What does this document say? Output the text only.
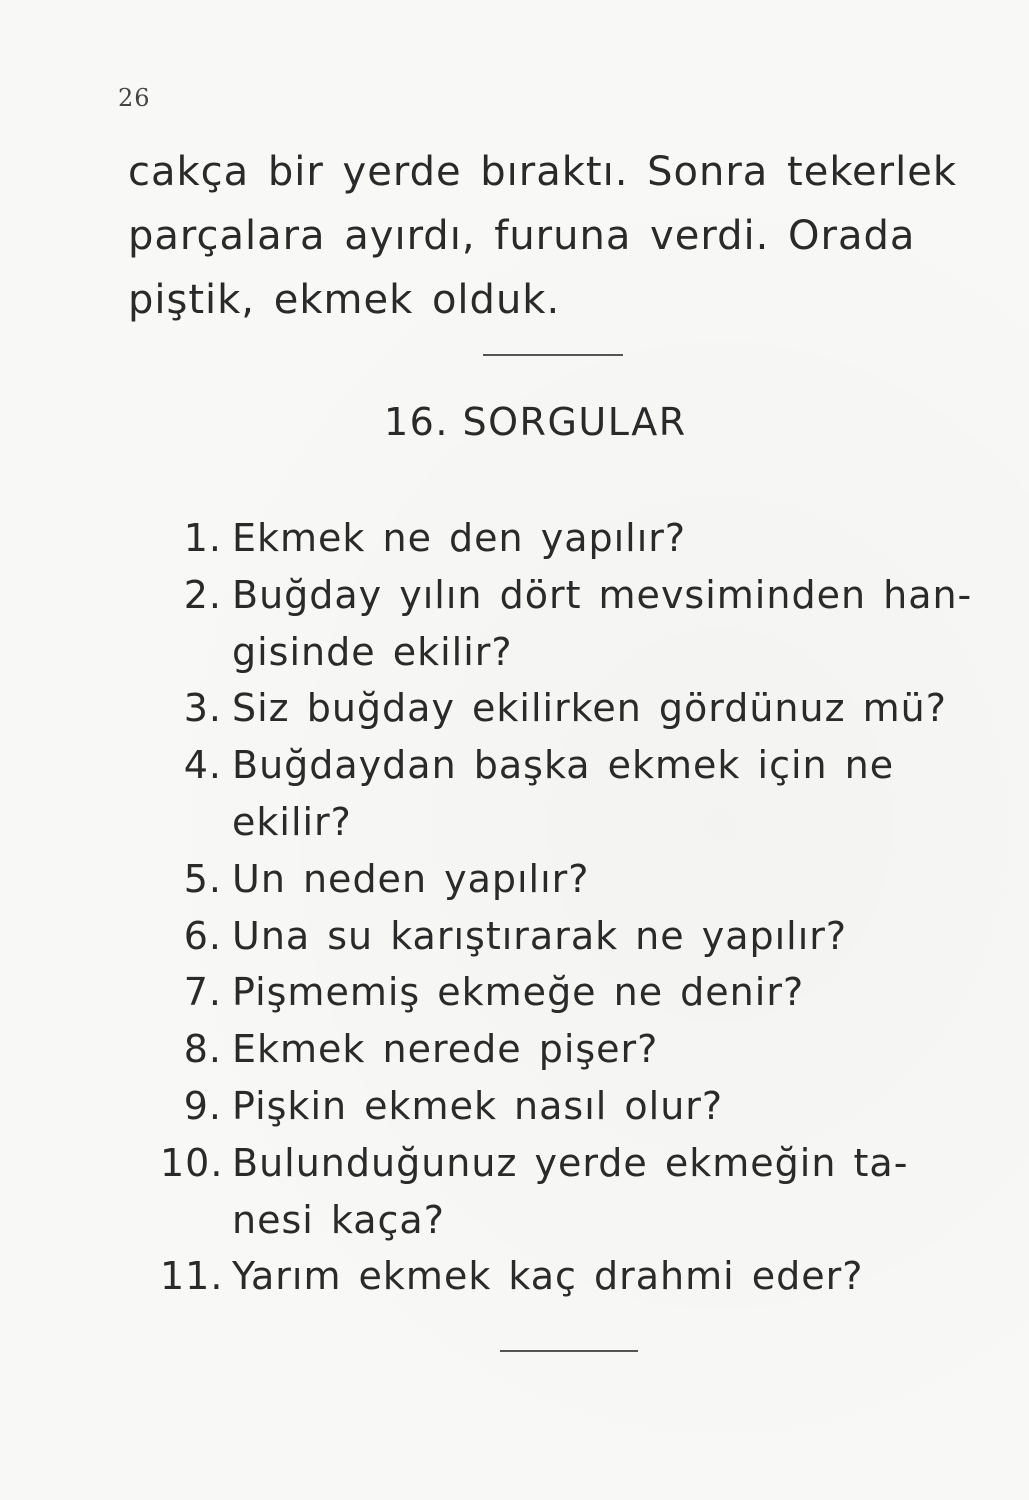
26
cakça bir yerde bıraktı. Sonra tekerlek
parçalara ayırdı, furuna verdi. Orada
piştik, ekmek olduk.
16. SORGULAR
1. Ekmek ne den yapılır?
2. Buğday yılın dört mevsiminden han-
gisinde ekilir?
3. Siz buğday ekilirken gördünuz mü?
4. Buğdaydan başka ekmek için ne
ekilir?
5. Un neden yapılır?
6. Una su karıştırarak ne yapılır?
7. Pişmemiş ekmeğe ne denir?
8. Ekmek nerede pişer?
9. Pişkin ekmek nasıl olur?
10. Bulunduğunuz yerde ekmeğin ta-
nesi kaça?
11. Yarım ekmek kaç drahmi eder?
